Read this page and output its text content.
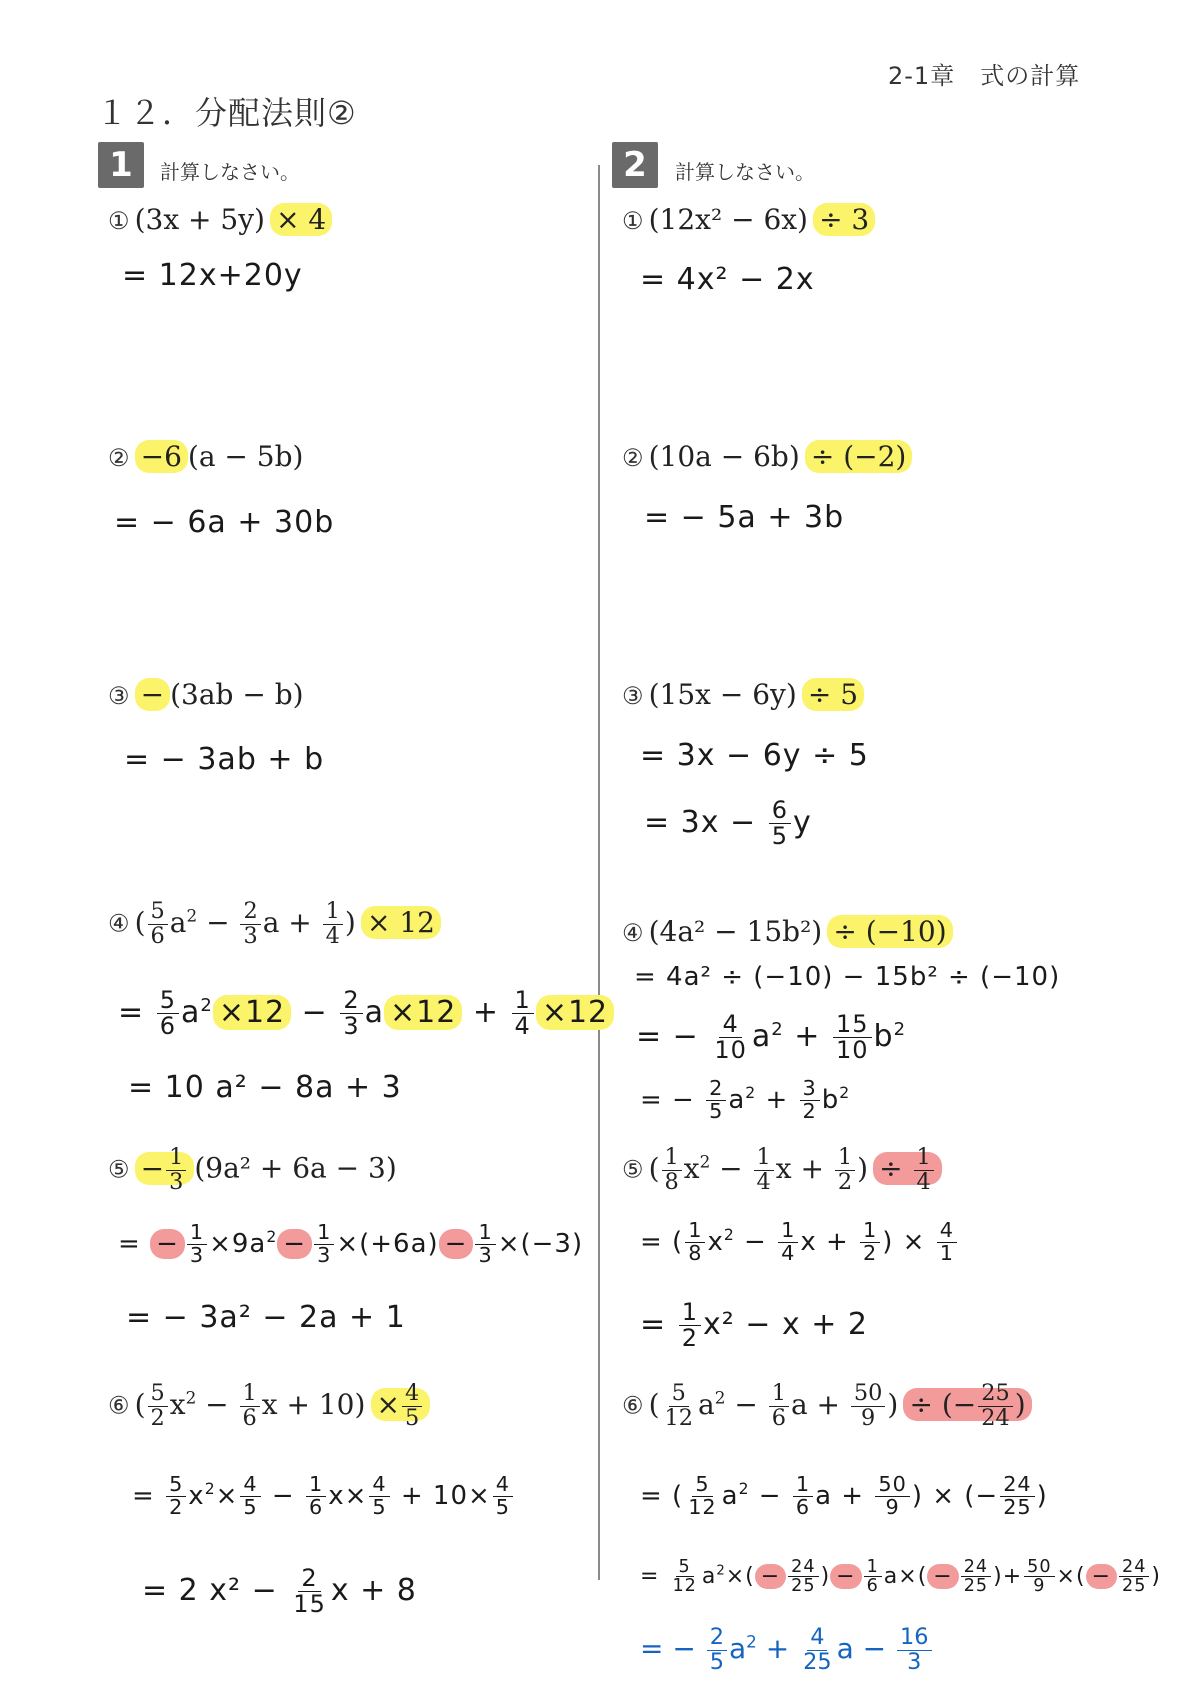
2-1章　式の計算
１２．分配法則②
1	計算しなさい。	2	計算しなさい。
① (3x + 5y) × 4
= 12x+20y
② −6 (a − 5b)
= − 6a + 30b
③ − (3ab − b)
= − 3ab + b
④ ( $\frac{5}{6} a^2 - \frac{2}{3}$ $a + \frac{1}{4}$ ) × 12
= $\frac{5}{6} a^2 \times 12 - \frac{2}{3}$ $a \times 12 + \frac{1}{4} \times 12$
= 10 a² − 8a + 3
⑤ − $\frac{1}{3} (9a^2 + 6a - 3)$
= − $\frac{1}{3} \times 9a^2 - \frac{1}{3} \times(+6a) - \frac{1}{3} \times(-3)$
= − 3a² − 2a + 1
⑥ ( $\frac{5}{2} x^2 - \frac{1}{6}$ $x + 10) \times \frac{4}{5}$
= $\frac{5}{2} x^2\times \frac{4}{5} - \frac{1}{6} x\times \frac{4}{5} + 10\times \frac{4}{5}$
= 2 $x^2 - \frac{2}{15}$ x + 8
① (12x² − 6x) ÷ 3
= 4x² − 2x
② (10a − 6b) ÷ (−2)
= − 5a + 3b
③ (15x − 6y) ÷ 5
= 3x − 6y ÷ 5
= $3x - \frac{6}{5}$ y
④ (4a² − 15b²) ÷ (−10)
= 4a² ÷ (−10) − 15b² ÷ (−10)
= − $\frac{4}{10} a^2 + \frac{15}{10} b^2$
= − $\frac{2}{5} a^2 + \frac{3}{2} b^2$
⑤ ( $\frac{1}{8} x^2 - \frac{1}{4}$ $x + \frac{1}{2}$ ) ÷ $\frac{1}{4}$
= ( $\frac{1}{8} x^2 - \frac{1}{4}$ $x + \frac{1}{2}$ ) × $\frac{4}{1}$
= $\frac{1}{2} x^2 - x + 2$
⑥ ( $\frac{5}{12} a^2 - \frac{1}{6}$ $a + \frac{50}{9}$ ) ÷ (− $\frac{25}{24}$ )
= ( $\frac{5}{12} a^2 - \frac{1}{6}$ $a + \frac{50}{9}$ ) × (− $\frac{24}{25}$ )
= $\frac{5}{12} a^2\times( - \frac{24}{25}$ ) − $\frac{1}{6} a\times( - \frac{24}{25}$ )+ $\frac{50}{9}$ ×( − $\frac{24}{25}$ )
= − $\frac{2}{5} a^2 + \frac{4}{25}$ $a - \frac{16}{3}$
